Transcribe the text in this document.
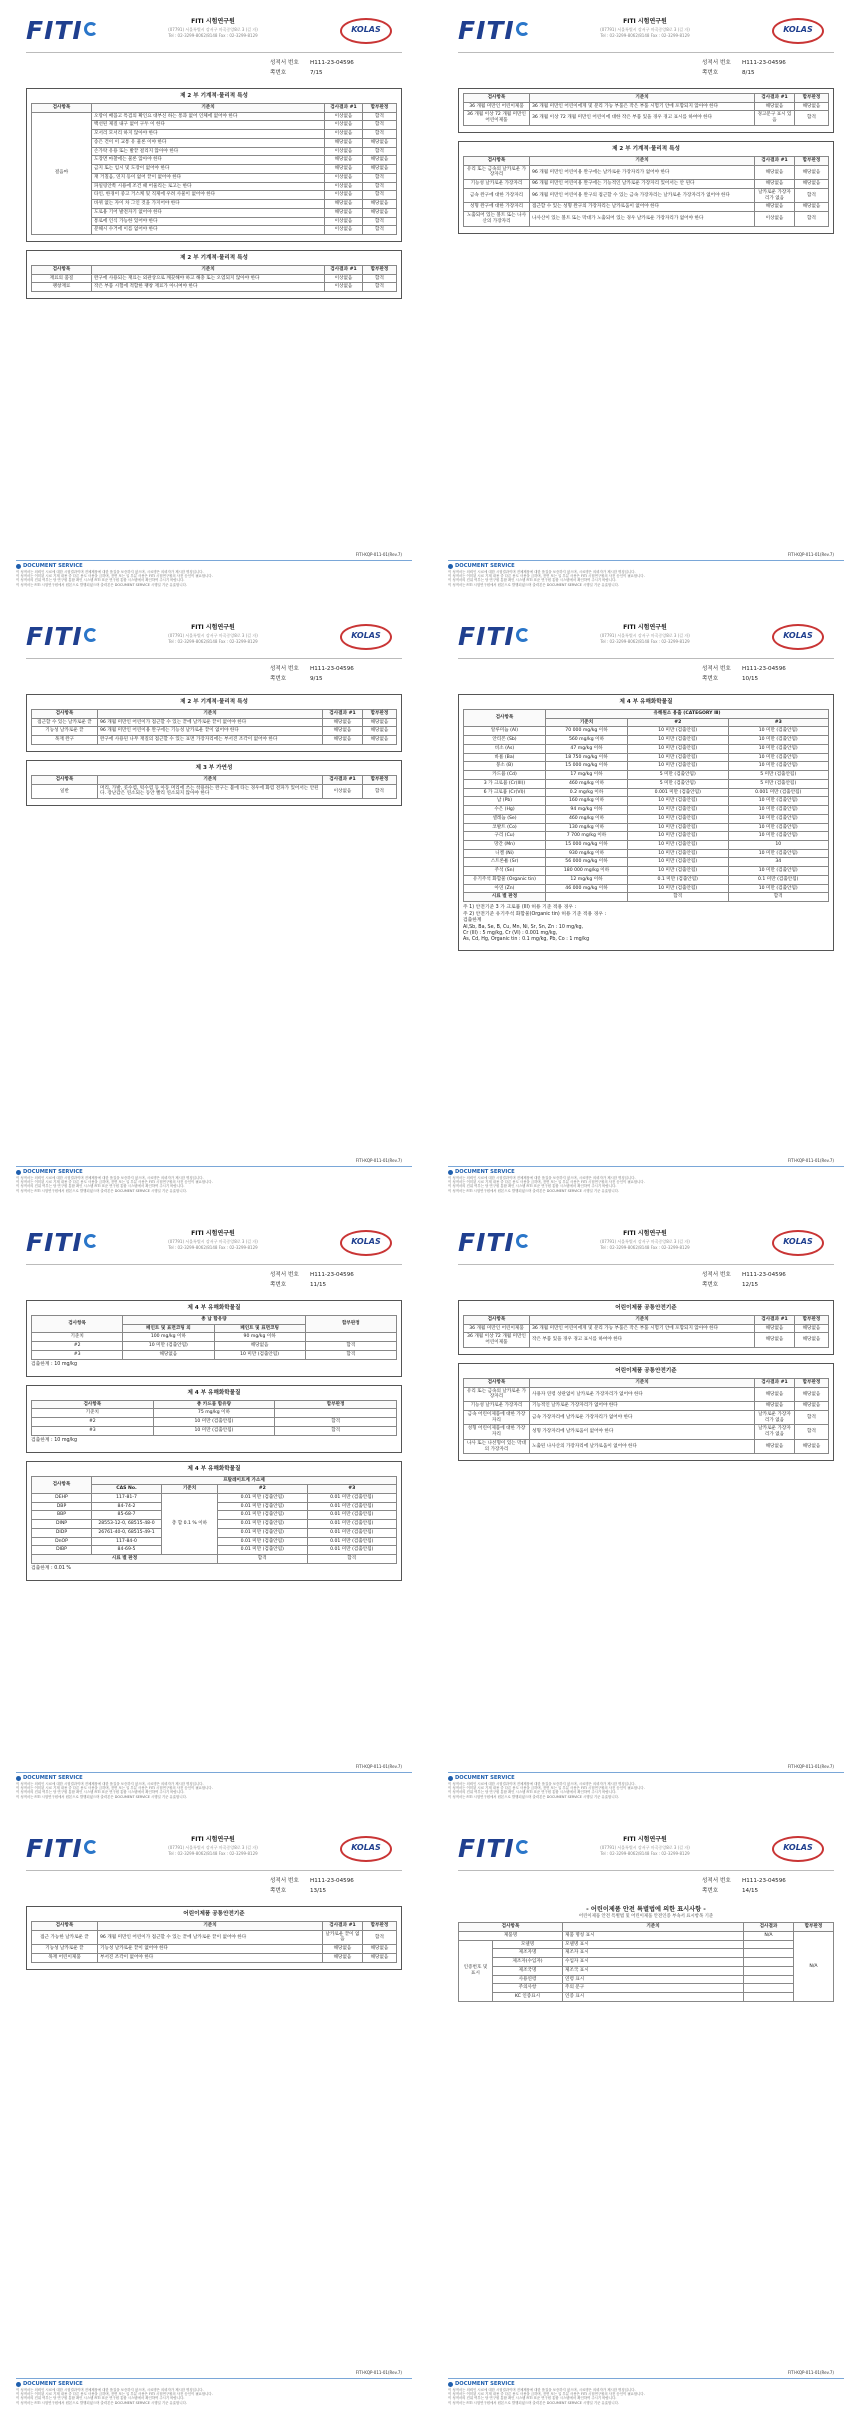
FITI	FITI 시험연구원
(07791) 서울특별시 강서구 마곡중앙8로 3 (길 자)
Tel : 02-3299-8062/8148 Fax : 02-3299-8129
KOLAS
성적서 번호	H111-23-04596
쪽번호	7/15
제 2 부 기계적·물리적 특성
검사항목	기준치	검사결과 #1	합부판정
걸음마	오랑이 배꼽고 특검의 확인요 대부신 하는 통과 없어 인체에 없어야 한다	이상없음	합격
	백선된 제질 내구 없어 구두 이 한다	이상없음	합격
	모서리 모서리 하지 않아야 한다	이상없음	합격
	송은 건이 이 교통 유 물론 이야 한다	해당없음	해당없음
	손가락 유용 또는 발끝 걸리지 않아야 한다	이상없음	합격
	도장면 마찰에는 물론 않아야 한다	해당없음	해당없음
	금지 또는 임시 및 도장이 없어야 한다	해당없음	해당없음
	재 거칠음, 연지 등이 없어 끝이 없어야 한다	이상없음	합격
	파일링안쪽 시용에 조건 때 어울리는 로고는 한다	이상없음	합격
	타인, 한경이 중고 거스케 및 직제에 우려 사물이 없어야 한다	이상없음	합격
	바퀴 없는 자이 차 그인 것을 가지어야 한다	해당없음	해당없음
	도로용 기어 발전자기 없어야 한다	해당없음	해당없음
	통로에 인식 가능한 있어야 한다	이상없음	합격
	분해시 수거에 이를 없어야 한다	이상없음	합격
제 2 부 기계적·물리적 특성
검사항목	기준치	검사결과 #1	합부판정
재료의 품질	완구에 사용되는 재료는 외관상으로 깨끗해야 하고 해충 또는 오염되지 않아야 한다	이상없음	합격
팽창재료	작은 부품 시험에 적합한 팽창 재료가 아니여야 한다	이상없음	합격
FITI-KQP-011-01(Rev.7)
DOCUMENT SERVICE
이 성적서는 의뢰인 시료에 대한 시험결과이며 전체제품에 대한 품질을 보증하지 않으며, 시료명은 의뢰자가 제시한 명칭입니다.
이 성적서는 이미된 시료 기재 내용 중 다른 용도 사용을 금하며, 전면 또는 일 부분 사용은 FITI 시험연구원의 사전 승인이 필요합니다.
이 성적서의 진위 여부는 당 연구원 통합 확인 시스템 FITI 표준 연구원 통합 시스템에서 확인하여 주시기 바랍니다.
이 성적서는 FITI 시험연구원에서 원본으로 발행되었으며 출력본은 DOCUMENT SERVICE 시행일 기준 유효합니다.
FITI	FITI 시험연구원
(07791) 서울특별시 강서구 마곡중앙8로 3 (길 자)
Tel : 02-3299-8062/8148 Fax : 02-3299-8129
KOLAS
성적서 번호	H111-23-04596
쪽번호	8/15
검사항목	기준치	검사결과 #1	합부판정
36 개월 미만인 어린이제품	36 개월 미만인 어린이에게 및 분리 가능 부품은 작은 부품 시험기 안에 포함되지 않아야 한다	해당없음	해당없음
36 개월 이상 72 개월 미만인 어린이제품	36 개월 이상 72 개월 미만인 어린이에 대한 작은 부품 있을 경우 경고 표시를 하여야 한다	경고문구 표시 있음	합격
제 2 부 기계적·물리적 특성
검사항목	기준치	검사결과 #1	합부판정
유리 또는 금속의 날카로운 가장자리	96 개월 미만인 어린이용 완구에는 날카로운 가장자리가 없어야 한다	해당없음	해당없음
기능성 날카로운 가장자리	96 개월 미만인 어린이용 완구에는 기능적인 날카로운 가장자리 있어서는 안 된다	해당없음	해당없음
금속 완구에 대한 가장자리	96 개월 미만인 어린이용 완구의 접근할 수 있는 금속 가장자리는 날카로운 가장자리가 없어야 한다	날카로운 가장자리가 없음	합격
성형 완구에 대한 가장자리	접근할 수 있는 성형 완구의 가장자리는 날카로움이 없어야 한다	해당없음	해당없음
노출되어 있는 볼트 또는 나사산의 가장자리	나사산이 있는 볼트 또는 막대가 노출되어 있는 경우 날카로운 가장자리가 없어야 한다	이상없음	합격
FITI-KQP-011-01(Rev.7)
DOCUMENT SERVICE
이 성적서는 의뢰인 시료에 대한 시험결과이며 전체제품에 대한 품질을 보증하지 않으며, 시료명은 의뢰자가 제시한 명칭입니다.
이 성적서는 이미된 시료 기재 내용 중 다른 용도 사용을 금하며, 전면 또는 일 부분 사용은 FITI 시험연구원의 사전 승인이 필요합니다.
이 성적서의 진위 여부는 당 연구원 통합 확인 시스템 FITI 표준 연구원 통합 시스템에서 확인하여 주시기 바랍니다.
이 성적서는 FITI 시험연구원에서 원본으로 발행되었으며 출력본은 DOCUMENT SERVICE 시행일 기준 유효합니다.
FITI	FITI 시험연구원
(07791) 서울특별시 강서구 마곡중앙8로 3 (길 자)
Tel : 02-3299-8062/8148 Fax : 02-3299-8129
KOLAS
성적서 번호	H111-23-04596
쪽번호	9/15
제 2 부 기계적·물리적 특성
검사항목	기준치	검사결과 #1	합부판정
접근할 수 있는 날카로운 끝	96 개월 미만인 어린이가 접근할 수 있는 끝에 날카로운 끝이 없어야 한다	해당없음	해당없음
기능성 날카로운 끝	96 개월 미만인 어린이용 완구에는 기능성 날카로운 끝이 없어야 한다	해당없음	해당없음
목재 완구	완구에 사용된 나무 재질의 접근할 수 있는 표면 가장자리에는 부서진 조각이 없어야 한다	해당없음	해당없음
제 3 부 가연성
검사항목	기준치	검사결과 #1	합부판정
일반	머리, 가발, 콧수염, 턱수염 등 아동 머리에 쓰는 착용하는 완구는 불에 타는 경우에 화염 전파가 있어서는 안된다. 장난감은 연소되는 동안 빨리 연소되지 않아야 한다	이상없음	합격
FITI-KQP-011-01(Rev.7)
DOCUMENT SERVICE
이 성적서는 의뢰인 시료에 대한 시험결과이며 전체제품에 대한 품질을 보증하지 않으며, 시료명은 의뢰자가 제시한 명칭입니다.
이 성적서는 이미된 시료 기재 내용 중 다른 용도 사용을 금하며, 전면 또는 일 부분 사용은 FITI 시험연구원의 사전 승인이 필요합니다.
이 성적서의 진위 여부는 당 연구원 통합 확인 시스템 FITI 표준 연구원 통합 시스템에서 확인하여 주시기 바랍니다.
이 성적서는 FITI 시험연구원에서 원본으로 발행되었으며 출력본은 DOCUMENT SERVICE 시행일 기준 유효합니다.
FITI	FITI 시험연구원
(07791) 서울특별시 강서구 마곡중앙8로 3 (길 자)
Tel : 02-3299-8062/8148 Fax : 02-3299-8129
KOLAS
성적서 번호	H111-23-04596
쪽번호	10/15
제 4 부 유해화학물질
검사항목	유해원소 용출 (CATEGORY Ⅲ)		
	기준치	#2	#3
알루미늄 (Al)	70 000 mg/kg 이하	10 미만 (검출안됨)	10 미만 (검출안됨)
안티몬 (Sb)	560 mg/kg 이하	10 미만 (검출안됨)	10 미만 (검출안됨)
비소 (As)	47 mg/kg 이하	10 미만 (검출안됨)	10 미만 (검출안됨)
바륨 (Ba)	18 750 mg/kg 이하	10 미만 (검출안됨)	10 미만 (검출안됨)
붕소 (B)	15 000 mg/kg 이하	10 미만 (검출안됨)	10 미만 (검출안됨)
카드뮴 (Cd)	17 mg/kg 이하	5 미만 (검출안됨)	5 미만 (검출안됨)
3 가 크로뮴 (Cr(III))	460 mg/kg 이하	5 미만 (검출안됨)	5 미만 (검출안됨)
6 가 크로뮴 (Cr(VI))	0.2 mg/kg 이하	0.001 미만 (검출안됨)	0.001 미만 (검출안됨)
납 (Pb)	160 mg/kg 이하	10 미만 (검출안됨)	10 미만 (검출안됨)
수은 (Hg)	94 mg/kg 이하	10 미만 (검출안됨)	10 미만 (검출안됨)
셀레늄 (Se)	460 mg/kg 이하	10 미만 (검출안됨)	10 미만 (검출안됨)
코발트 (Co)	130 mg/kg 이하	10 미만 (검출안됨)	10 미만 (검출안됨)
구리 (Cu)	7 700 mg/kg 이하	10 미만 (검출안됨)	10 미만 (검출안됨)
망간 (Mn)	15 000 mg/kg 이하	10 미만 (검출안됨)	10
니켈 (Ni)	930 mg/kg 이하	10 미만 (검출안됨)	10 미만 (검출안됨)
스트론튬 (Sr)	56 000 mg/kg 이하	10 미만 (검출안됨)	34
주석 (Sn)	180 000 mg/kg 이하	10 미만 (검출안됨)	10 미만 (검출안됨)
유기주석 화합물 (Organic tin)	12 mg/kg 이하	0.1 미만 (검출안됨)	0.1 미만 (검출안됨)
아연 (Zn)	46 000 mg/kg 이하	10 미만 (검출안됨)	10 미만 (검출안됨)
시료 별 판정		합격	합격
주 1) 안전기준 3 가 크로뮴 (III) 허용 기준 적용 경우 :
주 2) 안전기준 유기주석 화합물(Organic tin) 허용 기준 적용 경우 :
검출한계
Al,Sb, Ba, Se, B, Cu, Mn, Ni, Sr, Sn, Zn : 10 mg/kg,
Cr (III) : 5 mg/kg, Cr (VI) : 0.001 mg/kg,
As, Cd, Hg, Organic tin : 0.1 mg/kg, Pb, Co : 1 mg/kg
FITI-KQP-011-01(Rev.7)
DOCUMENT SERVICE
이 성적서는 의뢰인 시료에 대한 시험결과이며 전체제품에 대한 품질을 보증하지 않으며, 시료명은 의뢰자가 제시한 명칭입니다.
이 성적서는 이미된 시료 기재 내용 중 다른 용도 사용을 금하며, 전면 또는 일 부분 사용은 FITI 시험연구원의 사전 승인이 필요합니다.
이 성적서의 진위 여부는 당 연구원 통합 확인 시스템 FITI 표준 연구원 통합 시스템에서 확인하여 주시기 바랍니다.
이 성적서는 FITI 시험연구원에서 원본으로 발행되었으며 출력본은 DOCUMENT SERVICE 시행일 기준 유효합니다.
FITI	FITI 시험연구원
(07791) 서울특별시 강서구 마곡중앙8로 3 (길 자)
Tel : 02-3299-8062/8148 Fax : 02-3299-8129
KOLAS
성적서 번호	H111-23-04596
쪽번호	11/15
제 4 부 유해화학물질
검사항목	총 납 함유량		합부판정
	페인트 및 표면코팅 외	페인트 및 표면코팅	
기준치	100 mg/kg 이하	90 mg/kg 이하	
#2	10 미만 (검출안됨)	해당없음	합격
#3	해당없음	10 미만 (검출안됨)	합격
검출한계 : 10 mg/kg
제 4 부 유해화학물질
검사항목	총 카드뮴 함유량	합부판정
기준치	75 mg/kg 이하	
#2	10 미만 (검출안됨)	합격
#3	10 미만 (검출안됨)	합격
검출한계 : 10 mg/kg
제 4 부 유해화학물질
검사항목	프탈레이트계 가소제			
	CAS No.	기준치	#2	#3
DEHP	117-81-7	총 합 0.1 % 이하	0.01 미만 (검출안됨)	0.01 미만 (검출안됨)
DBP	84-74-2		0.01 미만 (검출안됨)	0.01 미만 (검출안됨)
BBP	85-68-7		0.01 미만 (검출안됨)	0.01 미만 (검출안됨)
DINP	28553-12-0, 68515-48-0		0.01 미만 (검출안됨)	0.01 미만 (검출안됨)
DIDP	26761-40-0, 68515-49-1		0.01 미만 (검출안됨)	0.01 미만 (검출안됨)
DnOP	117-84-0		0.01 미만 (검출안됨)	0.01 미만 (검출안됨)
DIBP	84-69-5		0.01 미만 (검출안됨)	0.01 미만 (검출안됨)
시료 별 판정			합격	합격
검출한계 : 0.01 %
FITI-KQP-011-01(Rev.7)
DOCUMENT SERVICE
이 성적서는 의뢰인 시료에 대한 시험결과이며 전체제품에 대한 품질을 보증하지 않으며, 시료명은 의뢰자가 제시한 명칭입니다.
이 성적서는 이미된 시료 기재 내용 중 다른 용도 사용을 금하며, 전면 또는 일 부분 사용은 FITI 시험연구원의 사전 승인이 필요합니다.
이 성적서의 진위 여부는 당 연구원 통합 확인 시스템 FITI 표준 연구원 통합 시스템에서 확인하여 주시기 바랍니다.
이 성적서는 FITI 시험연구원에서 원본으로 발행되었으며 출력본은 DOCUMENT SERVICE 시행일 기준 유효합니다.
FITI	FITI 시험연구원
(07791) 서울특별시 강서구 마곡중앙8로 3 (길 자)
Tel : 02-3299-8062/8148 Fax : 02-3299-8129
KOLAS
성적서 번호	H111-23-04596
쪽번호	12/15
어린이제품 공통안전기준
검사항목	기준치	검사결과 #1	합부판정
36 개월 미만인 어린이제품	36 개월 미만인 어린이에게 및 분리 가능 부품은 작은 부품 시험기 안에 포함되지 않아야 한다	해당없음	해당없음
36 개월 이상 72 개월 미만인 어린이제품	작은 부품 있을 경우 경고 표시를 하여야 한다	해당없음	해당없음
어린이제품 공통안전기준
검사항목	기준치	검사결과 #1	합부판정
유리 또는 금속의 날카로운 가장자리	사용자 연령 상관없이 날카로운 가장자리가 없어야 한다	해당없음	해당없음
기능성 날카로운 가장자리	기능적인 날카로운 가장자리가 없어야 한다	해당없음	해당없음
금속 어린이제품에 대한 가장자리	금속 가장자리에 날카로운 가장자리가 없어야 한다	날카로운 가장자리가 없음	합격
성형 어린이제품에 대한 가장자리	성형 가장자리에 날카로움이 없어야 한다	날카로운 가장자리가 없음	합격
나사 또는 나선형이 있는 막대의 가장자리	노출된 나사산의 가장자리에 날카로움이 없어야 한다	해당없음	해당없음
FITI-KQP-011-01(Rev.7)
DOCUMENT SERVICE
이 성적서는 의뢰인 시료에 대한 시험결과이며 전체제품에 대한 품질을 보증하지 않으며, 시료명은 의뢰자가 제시한 명칭입니다.
이 성적서는 이미된 시료 기재 내용 중 다른 용도 사용을 금하며, 전면 또는 일 부분 사용은 FITI 시험연구원의 사전 승인이 필요합니다.
이 성적서의 진위 여부는 당 연구원 통합 확인 시스템 FITI 표준 연구원 통합 시스템에서 확인하여 주시기 바랍니다.
이 성적서는 FITI 시험연구원에서 원본으로 발행되었으며 출력본은 DOCUMENT SERVICE 시행일 기준 유효합니다.
FITI	FITI 시험연구원
(07791) 서울특별시 강서구 마곡중앙8로 3 (길 자)
Tel : 02-3299-8062/8148 Fax : 02-3299-8129
KOLAS
성적서 번호	H111-23-04596
쪽번호	13/15
어린이제품 공통안전기준
검사항목	기준치	검사결과 #1	합부판정
접근 가능한 날카로운 끝	96 개월 미만인 어린이가 접근할 수 있는 끝에 날카로운 끝이 없어야 한다	날카로운 끝이 없음	합격
기능성 날카로운 끝	기능성 날카로운 끝이 없어야 한다	해당없음	해당없음
목재 어린이제품	부서진 조각이 없어야 한다	해당없음	해당없음
FITI-KQP-011-01(Rev.7)
DOCUMENT SERVICE
이 성적서는 의뢰인 시료에 대한 시험결과이며 전체제품에 대한 품질을 보증하지 않으며, 시료명은 의뢰자가 제시한 명칭입니다.
이 성적서는 이미된 시료 기재 내용 중 다른 용도 사용을 금하며, 전면 또는 일 부분 사용은 FITI 시험연구원의 사전 승인이 필요합니다.
이 성적서의 진위 여부는 당 연구원 통합 확인 시스템 FITI 표준 연구원 통합 시스템에서 확인하여 주시기 바랍니다.
이 성적서는 FITI 시험연구원에서 원본으로 발행되었으며 출력본은 DOCUMENT SERVICE 시행일 기준 유효합니다.
FITI	FITI 시험연구원
(07791) 서울특별시 강서구 마곡중앙8로 3 (길 자)
Tel : 02-3299-8062/8148 Fax : 02-3299-8129
KOLAS
성적서 번호	H111-23-04596
쪽번호	14/15
- 어린이제품 안전 특별법에 의한 표시사항 -
어린이제품 안전 특별법 및 어린이제품 안전인증 부속서 표시항목 기준
검사항목		기준치	검사결과	합부판정
제품명		제품 명칭 표시	N/A	N/A
인증번호 및 표시	모델명	모델명 표시		
	제조자명	제조자 표시		
	제조자(수입자)	수입자 표시		
	제조국명	제조국 표시		
	사용연령	연령 표시		
	주의사항	주의 문구		
	KC 인증표시	인증 표시		
FITI-KQP-011-01(Rev.7)
DOCUMENT SERVICE
이 성적서는 의뢰인 시료에 대한 시험결과이며 전체제품에 대한 품질을 보증하지 않으며, 시료명은 의뢰자가 제시한 명칭입니다.
이 성적서는 이미된 시료 기재 내용 중 다른 용도 사용을 금하며, 전면 또는 일 부분 사용은 FITI 시험연구원의 사전 승인이 필요합니다.
이 성적서의 진위 여부는 당 연구원 통합 확인 시스템 FITI 표준 연구원 통합 시스템에서 확인하여 주시기 바랍니다.
이 성적서는 FITI 시험연구원에서 원본으로 발행되었으며 출력본은 DOCUMENT SERVICE 시행일 기준 유효합니다.
